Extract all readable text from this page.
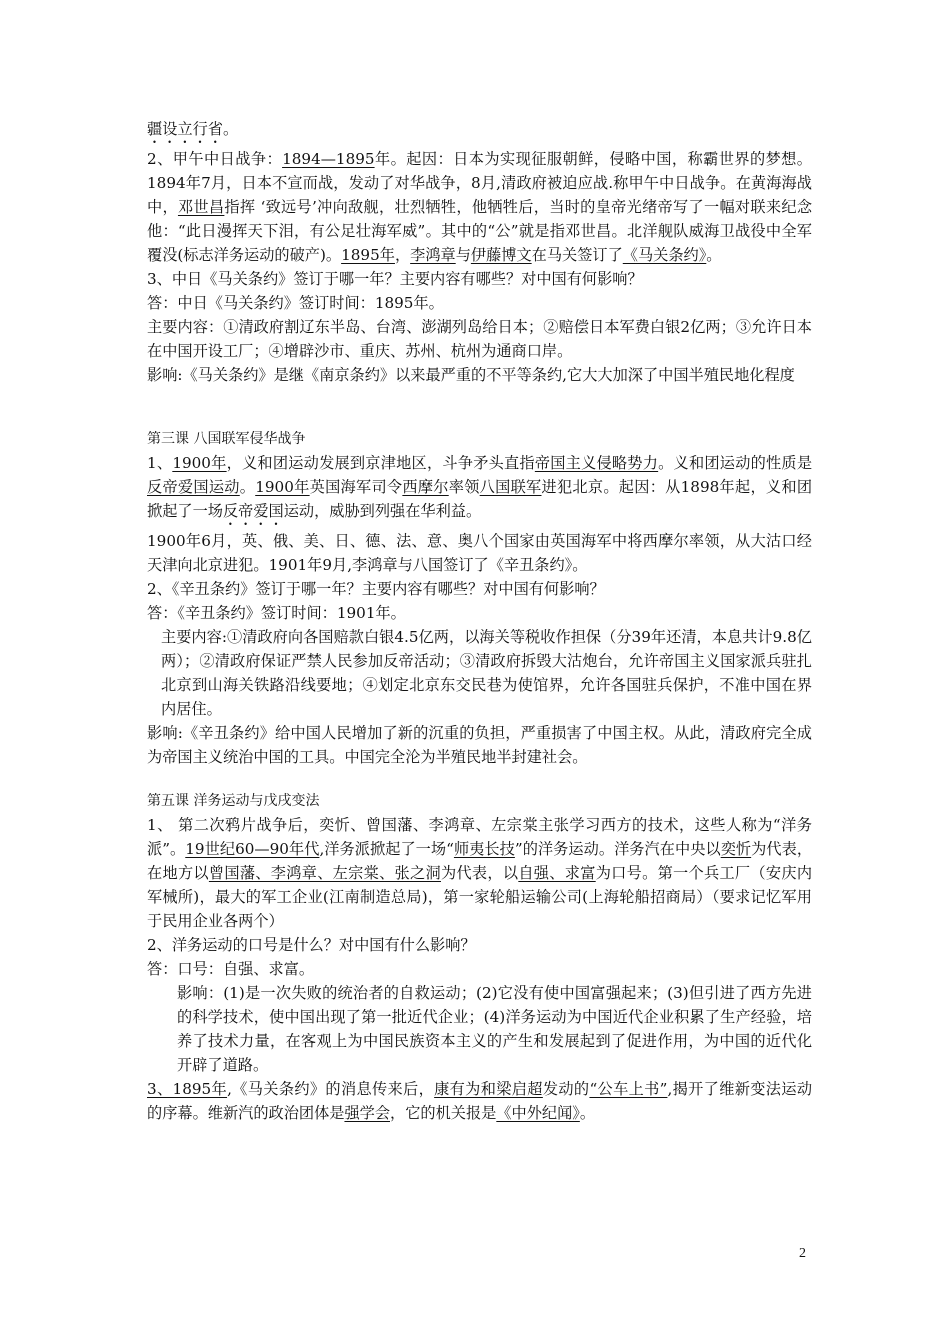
疆设立行省。

2、甲午中日战争：1894—1895年。起因：日本为实现征服朝鲜，侵略中国，称霸世界的梦想。1894年7月，日本不宣而战，发动了对华战争，8月,清政府被迫应战.称甲午中日战争。在黄海海战中，邓世昌指挥 ‘致远号’冲向敌舰，壮烈牺牲，他牺牲后，当时的皇帝光绪帝写了一幅对联来纪念他：“此日漫挥天下泪，有公足壮海军威”。其中的“公”就是指邓世昌。北洋舰队威海卫战役中全军覆没(标志洋务运动的破产)。1895年，李鸿章与伊藤博文在马关签订了《马关条约》。

3、中日《马关条约》签订于哪一年？主要内容有哪些？对中国有何影响？

答：中日《马关条约》签订时间：1895年。

主要内容：①清政府割辽东半岛、台湾、澎湖列岛给日本；②赔偿日本军费白银2亿两；③允许日本在中国开设工厂；④增辟沙市、重庆、苏州、杭州为通商口岸。

影响:《马关条约》是继《南京条约》以来最严重的不平等条约,它大大加深了中国半殖民地化程度

第三课 八国联军侵华战争

1、1900年，义和团运动发展到京津地区，斗争矛头直指帝国主义侵略势力。义和团运动的性质是反帝爱国运动。1900年英国海军司令西摩尔率领八国联军进犯北京。起因：从1898年起，义和团掀起了一场反帝爱国运动，威胁到列强在华利益。

1900年6月，英、俄、美、日、德、法、意、奥八个国家由英国海军中将西摩尔率领，从大沽口经天津向北京进犯。1901年9月,李鸿章与八国签订了《辛丑条约》。

2、《辛丑条约》签订于哪一年？主要内容有哪些？对中国有何影响？

答：《辛丑条约》签订时间：1901年。

主要内容:①清政府向各国赔款白银4.5亿两，以海关等税收作担保（分39年还清，本息共计9.8亿两）；②清政府保证严禁人民参加反帝活动；③清政府拆毁大沽炮台，允许帝国主义国家派兵驻扎北京到山海关铁路沿线要地；④划定北京东交民巷为使馆界，允许各国驻兵保护，不准中国在界内居住。

影响:《辛丑条约》给中国人民增加了新的沉重的负担，严重损害了中国主权。从此，清政府完全成为帝国主义统治中国的工具。中国完全沦为半殖民地半封建社会。

第五课 洋务运动与戊戌变法

1、 第二次鸦片战争后，奕忻、曾国藩、李鸿章、左宗棠主张学习西方的技术，这些人称为“洋务派”。19世纪60—90年代,洋务派掀起了一场“师夷长技”的洋务运动。洋务汽在中央以奕忻为代表，在地方以曾国藩、李鸿章、左宗棠、张之洞为代表，以自强、求富为口号。第一个兵工厂（安庆内军械所)，最大的军工企业(江南制造总局)，第一家轮船运输公司(上海轮船招商局）（要求记忆军用于民用企业各两个）

2、洋务运动的口号是什么？对中国有什么影响？

答：口号：自强、求富。

影响：(1)是一次失败的统治者的自救运动；(2)它没有使中国富强起来；(3)但引进了西方先进的科学技术，使中国出现了第一批近代企业；(4)洋务运动为中国近代企业积累了生产经验，培养了技术力量，在客观上为中国民族资本主义的产生和发展起到了促进作用，为中国的近代化开辟了道路。

3、1895年,《马关条约》的消息传来后，康有为和梁启超发动的“公车上书”,揭开了维新变法运动的序幕。维新汽的政治团体是强学会，它的机关报是《中外纪闻》。

2
